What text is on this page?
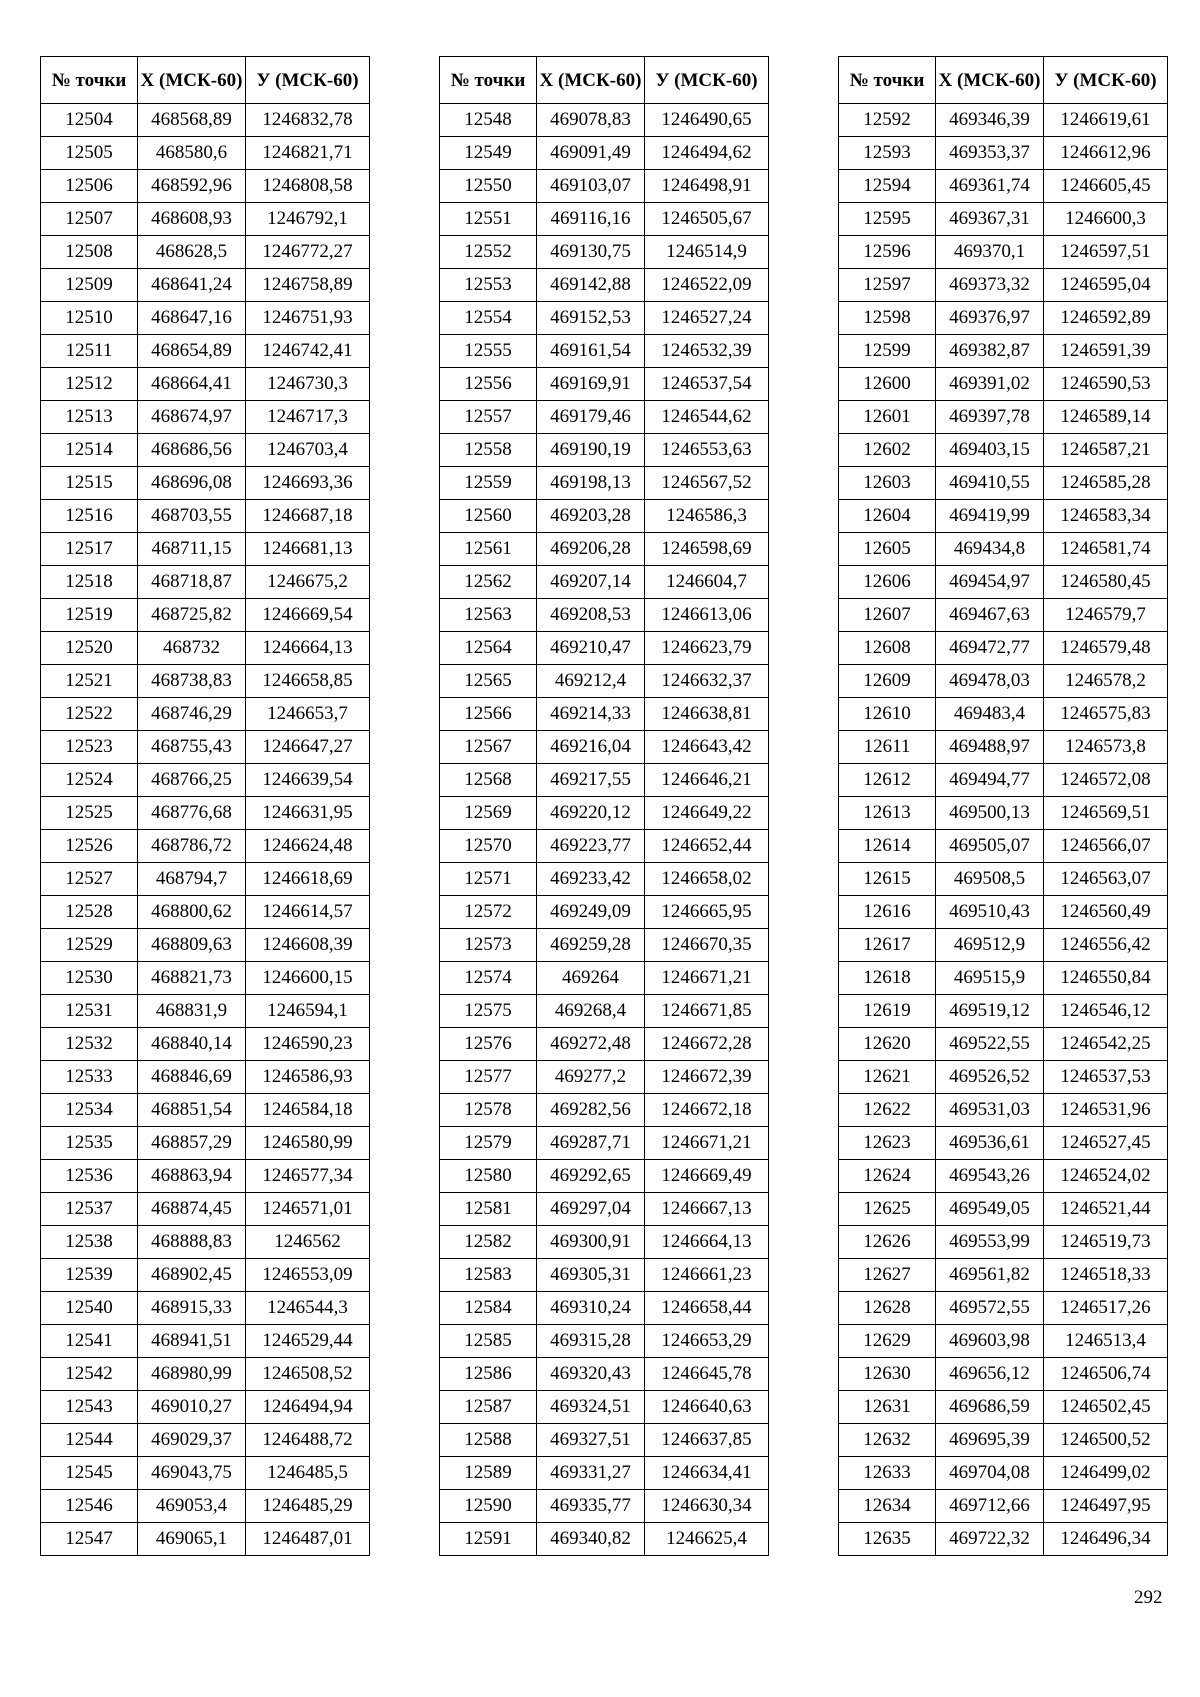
№ точки	X (МСК-60)	У (МСК-60)
12504	468568,89	1246832,78
12505	468580,6	1246821,71
12506	468592,96	1246808,58
12507	468608,93	1246792,1
12508	468628,5	1246772,27
12509	468641,24	1246758,89
12510	468647,16	1246751,93
12511	468654,89	1246742,41
12512	468664,41	1246730,3
12513	468674,97	1246717,3
12514	468686,56	1246703,4
12515	468696,08	1246693,36
12516	468703,55	1246687,18
12517	468711,15	1246681,13
12518	468718,87	1246675,2
12519	468725,82	1246669,54
12520	468732	1246664,13
12521	468738,83	1246658,85
12522	468746,29	1246653,7
12523	468755,43	1246647,27
12524	468766,25	1246639,54
12525	468776,68	1246631,95
12526	468786,72	1246624,48
12527	468794,7	1246618,69
12528	468800,62	1246614,57
12529	468809,63	1246608,39
12530	468821,73	1246600,15
12531	468831,9	1246594,1
12532	468840,14	1246590,23
12533	468846,69	1246586,93
12534	468851,54	1246584,18
12535	468857,29	1246580,99
12536	468863,94	1246577,34
12537	468874,45	1246571,01
12538	468888,83	1246562
12539	468902,45	1246553,09
12540	468915,33	1246544,3
12541	468941,51	1246529,44
12542	468980,99	1246508,52
12543	469010,27	1246494,94
12544	469029,37	1246488,72
12545	469043,75	1246485,5
12546	469053,4	1246485,29
12547	469065,1	1246487,01
№ точки	X (МСК-60)	У (МСК-60)
12548	469078,83	1246490,65
12549	469091,49	1246494,62
12550	469103,07	1246498,91
12551	469116,16	1246505,67
12552	469130,75	1246514,9
12553	469142,88	1246522,09
12554	469152,53	1246527,24
12555	469161,54	1246532,39
12556	469169,91	1246537,54
12557	469179,46	1246544,62
12558	469190,19	1246553,63
12559	469198,13	1246567,52
12560	469203,28	1246586,3
12561	469206,28	1246598,69
12562	469207,14	1246604,7
12563	469208,53	1246613,06
12564	469210,47	1246623,79
12565	469212,4	1246632,37
12566	469214,33	1246638,81
12567	469216,04	1246643,42
12568	469217,55	1246646,21
12569	469220,12	1246649,22
12570	469223,77	1246652,44
12571	469233,42	1246658,02
12572	469249,09	1246665,95
12573	469259,28	1246670,35
12574	469264	1246671,21
12575	469268,4	1246671,85
12576	469272,48	1246672,28
12577	469277,2	1246672,39
12578	469282,56	1246672,18
12579	469287,71	1246671,21
12580	469292,65	1246669,49
12581	469297,04	1246667,13
12582	469300,91	1246664,13
12583	469305,31	1246661,23
12584	469310,24	1246658,44
12585	469315,28	1246653,29
12586	469320,43	1246645,78
12587	469324,51	1246640,63
12588	469327,51	1246637,85
12589	469331,27	1246634,41
12590	469335,77	1246630,34
12591	469340,82	1246625,4
№ точки	X (МСК-60)	У (МСК-60)
12592	469346,39	1246619,61
12593	469353,37	1246612,96
12594	469361,74	1246605,45
12595	469367,31	1246600,3
12596	469370,1	1246597,51
12597	469373,32	1246595,04
12598	469376,97	1246592,89
12599	469382,87	1246591,39
12600	469391,02	1246590,53
12601	469397,78	1246589,14
12602	469403,15	1246587,21
12603	469410,55	1246585,28
12604	469419,99	1246583,34
12605	469434,8	1246581,74
12606	469454,97	1246580,45
12607	469467,63	1246579,7
12608	469472,77	1246579,48
12609	469478,03	1246578,2
12610	469483,4	1246575,83
12611	469488,97	1246573,8
12612	469494,77	1246572,08
12613	469500,13	1246569,51
12614	469505,07	1246566,07
12615	469508,5	1246563,07
12616	469510,43	1246560,49
12617	469512,9	1246556,42
12618	469515,9	1246550,84
12619	469519,12	1246546,12
12620	469522,55	1246542,25
12621	469526,52	1246537,53
12622	469531,03	1246531,96
12623	469536,61	1246527,45
12624	469543,26	1246524,02
12625	469549,05	1246521,44
12626	469553,99	1246519,73
12627	469561,82	1246518,33
12628	469572,55	1246517,26
12629	469603,98	1246513,4
12630	469656,12	1246506,74
12631	469686,59	1246502,45
12632	469695,39	1246500,52
12633	469704,08	1246499,02
12634	469712,66	1246497,95
12635	469722,32	1246496,34
292
